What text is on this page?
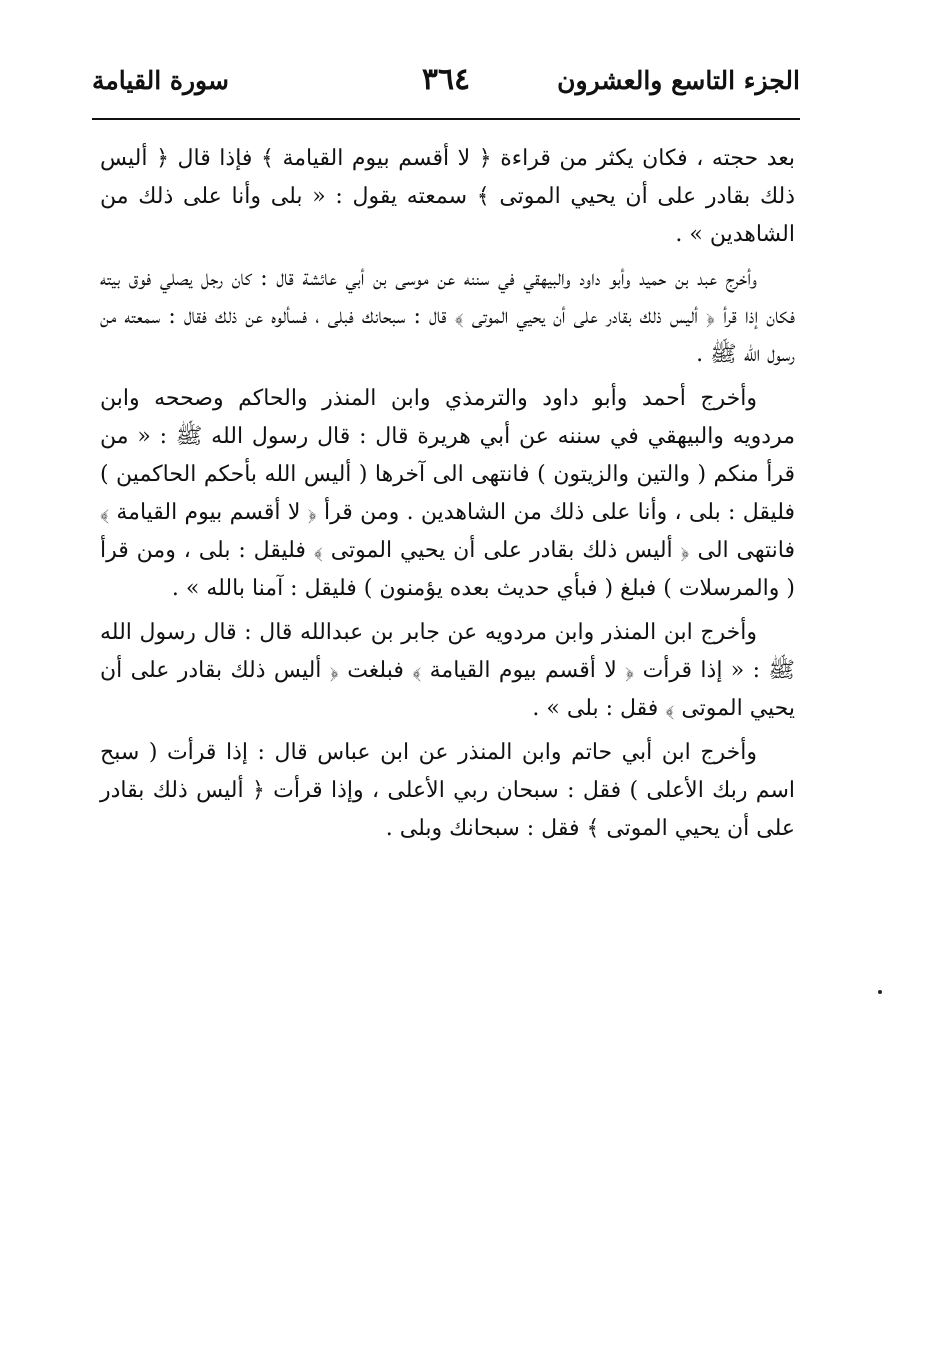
الجزء التاسع والعشرون
٣٦٤
سورة القيامة

بعد حجته ، فكان يكثر من قراءة ﴿ لا أقسم بيوم القيامة ﴾ فإذا قال ﴿ أليس ذلك بقادر على أن يحيي الموتى ﴾ سمعته يقول : « بلى وأنا على ذلك من الشاهدين » .

وأخرج عبد بن حميد وأبو داود والبيهقي في سننه عن موسى بن أبي عائشة قال : كان رجل يصلي فوق بيته فكان إذا قرأ ﴿ أليس ذلك بقادر على أن يحيي الموتى ﴾ قال : سبحانك فبلى ، فسألوه عن ذلك فقال : سمعته من رسول الله ﷺ .

وأخرج أحمد وأبو داود والترمذي وابن المنذر والحاكم وصححه وابن مردويه والبيهقي في سننه عن أبي هريرة قال : قال رسول الله ﷺ : « من قرأ منكم ( والتين والزيتون ) فانتهى الى آخرها ( أليس الله بأحكم الحاكمين ) فليقل : بلى ، وأنا على ذلك من الشاهدين . ومن قرأ ﴿ لا أقسم بيوم القيامة ﴾ فانتهى الى ﴿ أليس ذلك بقادر على أن يحيي الموتى ﴾ فليقل : بلى ، ومن قرأ ( والمرسلات ) فبلغ ( فبأي حديث بعده يؤمنون ) فليقل : آمنا بالله » .

وأخرج ابن المنذر وابن مردويه عن جابر بن عبدالله قال : قال رسول الله ﷺ : « إذا قرأت ﴿ لا أقسم بيوم القيامة ﴾ فبلغت ﴿ أليس ذلك بقادر على أن يحيي الموتى ﴾ فقل : بلى » .

وأخرج ابن أبي حاتم وابن المنذر عن ابن عباس قال : إذا قرأت ( سبح اسم ربك الأعلى ) فقل : سبحان ربي الأعلى ، وإذا قرأت ﴿ أليس ذلك بقادر على أن يحيي الموتى ﴾ فقل : سبحانك وبلى .
